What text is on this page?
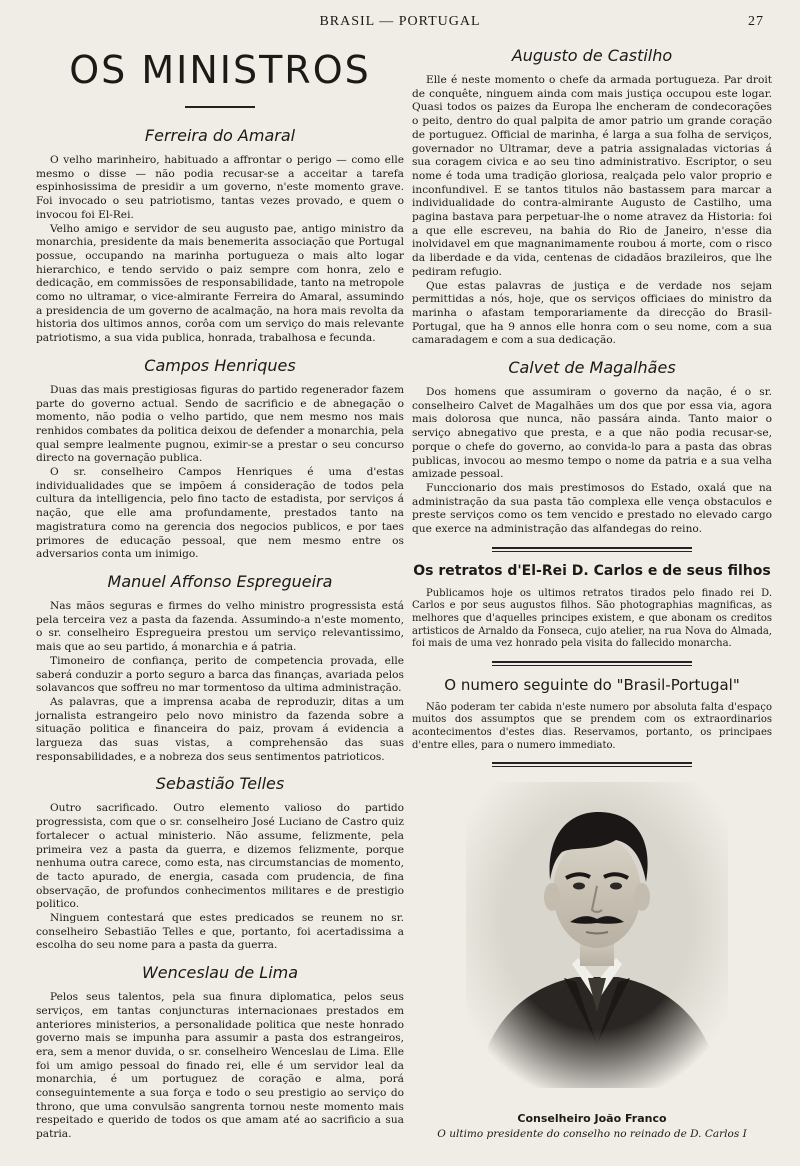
BRASIL — PORTUGAL	27
OS MINISTROS
Ferreira do Amaral

O velho marinheiro, habituado a affrontar o perigo — como elle mesmo o disse — não podia recusar-se a acceitar a tarefa espinhosissima de presidir a um governo, n'este momento grave. Foi invocado o seu patriotismo, tantas vezes provado, e quem o invocou foi El-Rei.

Velho amigo e servidor de seu augusto pae, antigo ministro da monarchia, presidente da mais benemerita associação que Portugal possue, occupando na marinha portugueza o mais alto logar hierarchico, e tendo servido o paiz sempre com honra, zelo e dedicação, em commissões de responsabilidade, tanto na metropole como no ultramar, o vice-almirante Ferreira do Amaral, assumindo a presidencia de um governo de acalmação, na hora mais revolta da historia dos ultimos annos, corôa com um serviço do mais relevante patriotismo, a sua vida publica, honrada, trabalhosa e fecunda.

Campos Henriques

Duas das mais prestigiosas figuras do partido regenerador fazem parte do governo actual. Sendo de sacrificio e de abnegação o momento, não podia o velho partido, que nem mesmo nos mais renhidos combates da politica deixou de defender a monarchia, pela qual sempre lealmente pugnou, eximir-se a prestar o seu concurso directo na governação publica.

O sr. conselheiro Campos Henriques é uma d'estas individualidades que se impõem á consideração de todos pela cultura da intelligencia, pelo fino tacto de estadista, por serviços á nação, que elle ama profundamente, prestados tanto na magistratura como na gerencia dos negocios publicos, e por taes primores de educação pessoal, que nem mesmo entre os adversarios conta um inimigo.

Manuel Affonso Espregueira

Nas mãos seguras e firmes do velho ministro progressista está pela terceira vez a pasta da fazenda. Assumindo-a n'este momento, o sr. conselheiro Espregueira prestou um serviço relevantissimo, mais que ao seu partido, á monarchia e á patria.

Timoneiro de confiança, perito de competencia provada, elle saberá conduzir a porto seguro a barca das finanças, avariada pelos solavancos que soffreu no mar tormentoso da ultima administração.

As palavras, que a imprensa acaba de reproduzir, ditas a um jornalista estrangeiro pelo novo ministro da fazenda sobre a situação politica e financeira do paiz, provam á evidencia a largueza das suas vistas, a comprehensão das suas responsabilidades, e a nobreza dos seus sentimentos patrioticos.

Sebastião Telles

Outro sacrificado. Outro elemento valioso do partido progressista, com que o sr. conselheiro José Luciano de Castro quiz fortalecer o actual ministerio. Não assume, felizmente, pela primeira vez a pasta da guerra, e dizemos felizmente, porque nenhuma outra carece, como esta, nas circumstancias de momento, de tacto apurado, de energia, casada com prudencia, de fina observação, de profundos conhecimentos militares e de prestigio politico.

Ninguem contestará que estes predicados se reunem no sr. conselheiro Sebastião Telles e que, portanto, foi acertadissima a escolha do seu nome para a pasta da guerra.

Wenceslau de Lima

Pelos seus talentos, pela sua finura diplomatica, pelos seus serviços, em tantas conjuncturas internacionaes prestados em anteriores ministerios, a personalidade politica que neste honrado governo mais se impunha para assumir a pasta dos estrangeiros, era, sem a menor duvida, o sr. conselheiro Wenceslau de Lima. Elle foi um amigo pessoal do finado rei, elle é um servidor leal da monarchia, é um portuguez de coração e alma, porá conseguintemente a sua força e todo o seu prestigio ao serviço do throno, que uma convulsão sangrenta tornou neste momento mais respeitado e querido de todos os que amam até ao sacrificio a sua patria.

Augusto de Castilho

Elle é neste momento o chefe da armada portugueza. Par droit de conquête, ninguem ainda com mais justiça occupou este logar. Quasi todos os paizes da Europa lhe encheram de condecorações o peito, dentro do qual palpita de amor patrio um grande coração de portuguez. Official de marinha, é larga a sua folha de serviços, governador no Ultramar, deve a patria assignaladas victorias á sua coragem civica e ao seu tino administrativo. Escriptor, o seu nome é toda uma tradição gloriosa, realçada pelo valor proprio e inconfundivel. E se tantos titulos não bastassem para marcar a individualidade do contra-almirante Augusto de Castilho, uma pagina bastava para perpetuar-lhe o nome atravez da Historia: foi a que elle escreveu, na bahia do Rio de Janeiro, n'esse dia inolvidavel em que magnanimamente roubou á morte, com o risco da liberdade e da vida, centenas de cidadãos brazileiros, que lhe pediram refugio.

Que estas palavras de justiça e de verdade nos sejam permittidas a nós, hoje, que os serviços officiaes do ministro da marinha o afastam temporariamente da direcção do Brasil-Portugal, que ha 9 annos elle honra com o seu nome, com a sua camaradagem e com a sua dedicação.

Calvet de Magalhães

Dos homens que assumiram o governo da nação, é o sr. conselheiro Calvet de Magalhães um dos que por essa via, agora mais dolorosa que nunca, não passára ainda. Tanto maior o serviço abnegativo que presta, e a que não podia recusar-se, porque o chefe do governo, ao convida-lo para a pasta das obras publicas, invocou ao mesmo tempo o nome da patria e a sua velha amizade pessoal.

Funccionario dos mais prestimosos do Estado, oxalá que na administração da sua pasta tão complexa elle vença obstaculos e preste serviços como os tem vencido e prestado no elevado cargo que exerce na administração das alfandegas do reino.

Os retratos d'El-Rei D. Carlos e de seus filhos

Publicamos hoje os ultimos retratos tirados pelo finado rei D. Carlos e por seus augustos filhos. São photographias magnificas, as melhores que d'aquelles principes existem, e que abonam os creditos artisticos de Arnaldo da Fonseca, cujo atelier, na rua Nova do Almada, foi mais de uma vez honrado pela visita do fallecido monarcha.

O numero seguinte do "Brasil-Portugal"

Não poderam ter cabida n'este numero por absoluta falta d'espaço muitos dos assumptos que se prendem com os extraordinarios acontecimentos d'estes dias. Reservamos, portanto, os principaes d'entre elles, para o numero immediato.

Conselheiro João Franco
O ultimo presidente do conselho no reinado de D. Carlos I
